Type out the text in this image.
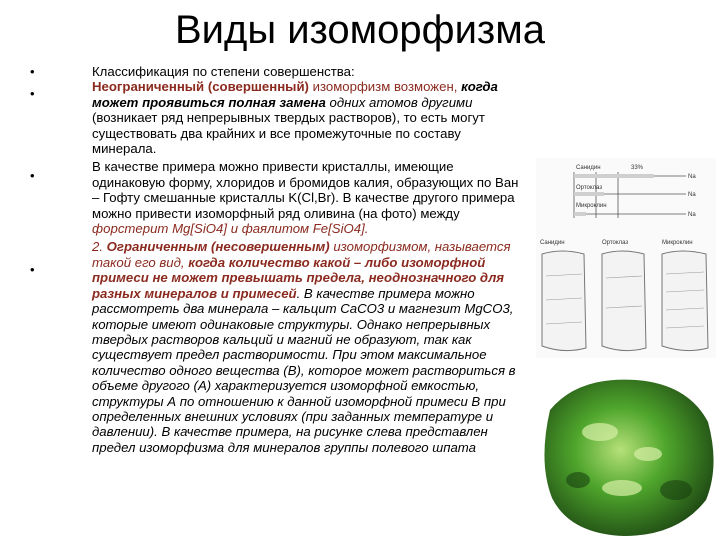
Виды изоморфизма
•
•
•
•

Классификация по степени совершенства:
Неограниченный (совершенный) изоморфизм возможен, когда может проявиться полная замена одних атомов другими (возникает ряд непрерывных твердых растворов), то есть могут существовать два крайних и все промежуточные по составу минерала.

В качестве примера можно привести кристаллы, имеющие одинаковую форму, хлоридов и бромидов калия, образующих по Ван – Гофту смешанные кристаллы K(Cl,Br). В качестве другого примера можно привести изоморфный ряд оливина (на фото) между форстерит Mg[SiO4] и фаялитом Fe[SiO4].

2. Ограниченным (несовершенным) изоморфизмом, называется такой его вид, когда количество какой – либо изоморфной примеси не может превышать предела, неоднозначного для разных минералов и примесей. В качестве примера можно рассмотреть два минерала – кальцит CaCO3 и магнезит MgCO3, которые имеют одинаковые структуры. Однако непрерывных твердых растворов кальций и магний не образуют, так как существует предел растворимости. При этом максимальное количество одного вещества (В), которое может раствориться в объеме другого (А) характеризуется изоморфной емкостью, структуры А по отношению к данной изоморфной примеси В при определенных внешних условиях (при заданных температуре и давлении). В качестве примера, на рисунке слева представлен предел изоморфизма для минералов группы полевого шпата

Санидин	33%
Ортоклаз
Микроклин
Na
Na
Na
Санидин	Ортоклаз	Микроклин
